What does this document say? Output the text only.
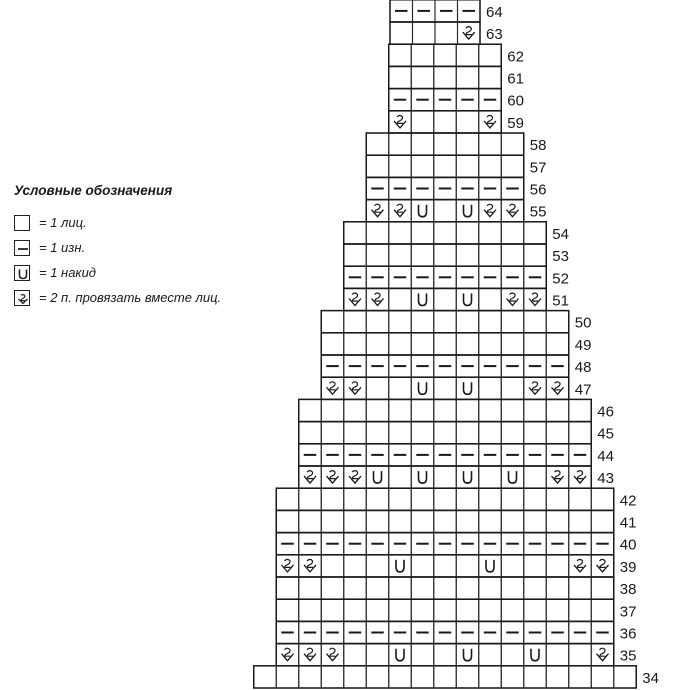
34
35
36
37
38
39
40
41
42
43
44
45
46
47
48
49
50
51
52
53
54
55
56
57
58
59
60
61
62
63
64
Условные обозначения
= 1 лиц.
= 1 изн.
= 1 накид
= 2 п. провязать вместе лиц.
